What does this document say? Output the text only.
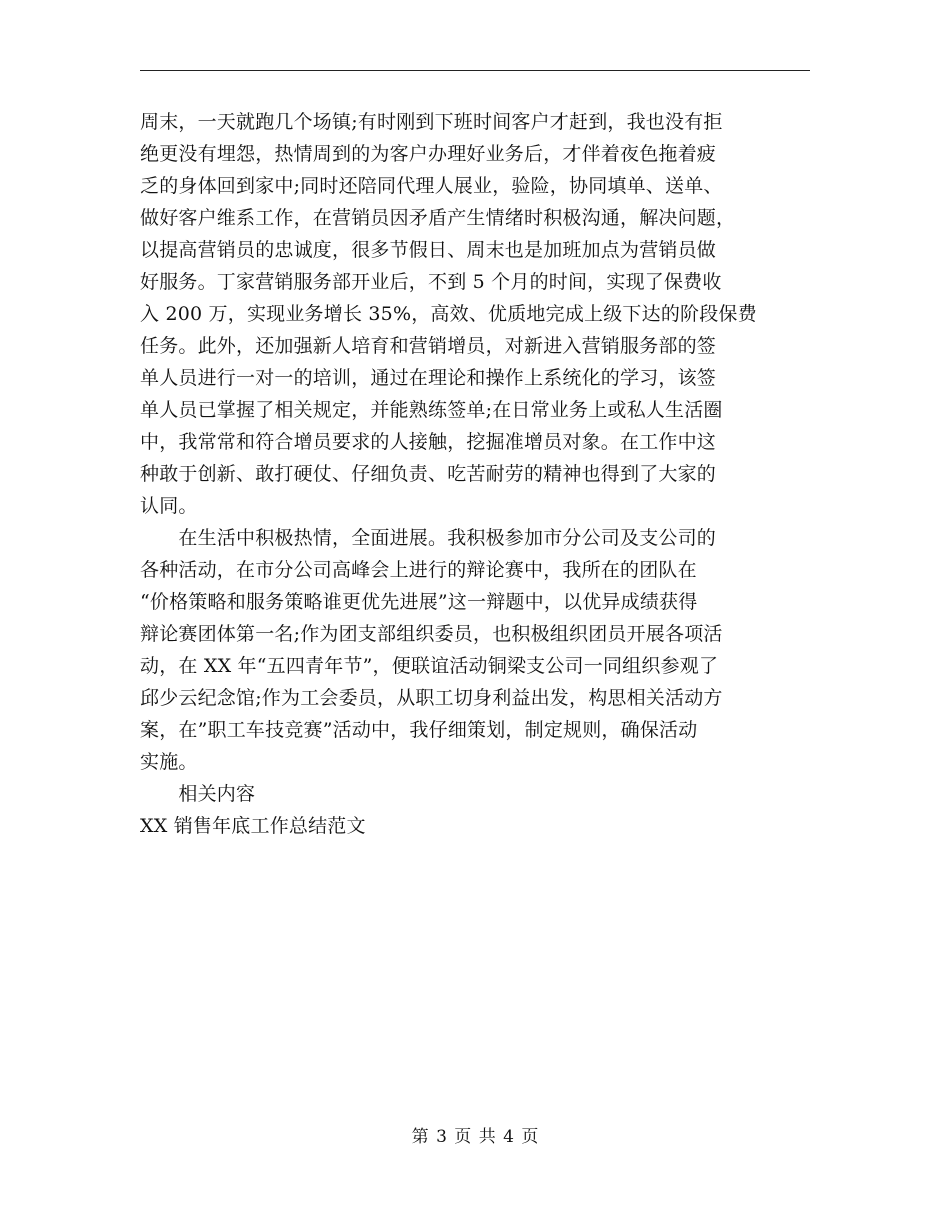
周末，一天就跑几个场镇;有时刚到下班时间客户才赶到，我也没有拒
绝更没有埋怨，热情周到的为客户办理好业务后，才伴着夜色拖着疲
乏的身体回到家中;同时还陪同代理人展业，验险，协同填单、送单、
做好客户维系工作，在营销员因矛盾产生情绪时积极沟通，解决问题，
以提高营销员的忠诚度，很多节假日、周末也是加班加点为营销员做
好服务。丁家营销服务部开业后，不到 5 个月的时间，实现了保费收
入 200 万，实现业务增长 35%，高效、优质地完成上级下达的阶段保费
任务。此外，还加强新人培育和营销增员，对新进入营销服务部的签
单人员进行一对一的培训，通过在理论和操作上系统化的学习，该签
单人员已掌握了相关规定，并能熟练签单;在日常业务上或私人生活圈
中，我常常和符合增员要求的人接触，挖掘准增员对象。在工作中这
种敢于创新、敢打硬仗、仔细负责、吃苦耐劳的精神也得到了大家的
认同。
　　在生活中积极热情，全面进展。我积极参加市分公司及支公司的
各种活动，在市分公司高峰会上进行的辩论赛中，我所在的团队在
“价格策略和服务策略谁更优先进展”这一辩题中，以优异成绩获得
辩论赛团体第一名;作为团支部组织委员，也积极组织团员开展各项活
动，在 XX 年“五四青年节”，便联谊活动铜梁支公司一同组织参观了
邱少云纪念馆;作为工会委员，从职工切身利益出发，构思相关活动方
案，在”职工车技竞赛”活动中，我仔细策划，制定规则，确保活动
实施。
　　相关内容
XX 销售年底工作总结范文
第 3 页 共 4 页
